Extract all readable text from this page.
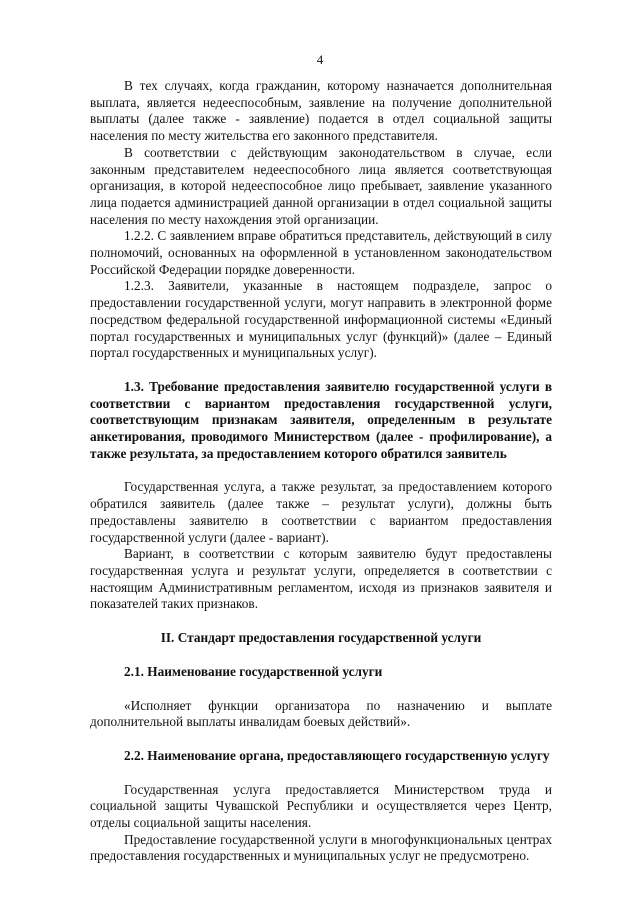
4

В тех случаях, когда гражданин, которому назначается дополнительная выплата, является недееспособным, заявление на получение дополнительной выплаты (далее также - заявление) подается в отдел социальной защиты населения по месту жительства его законного представителя.

В соответствии с действующим законодательством в случае, если законным представителем недееспособного лица является соответствующая организация, в которой недееспособное лицо пребывает, заявление указанного лица подается администрацией данной организации в отдел социальной защиты населения по месту нахождения этой организации.

1.2.2. С заявлением вправе обратиться представитель, действующий в силу полномочий, основанных на оформленной в установленном законодательством Российской Федерации порядке доверенности.

1.2.3. Заявители, указанные в настоящем подразделе, запрос о предоставлении государственной услуги, могут направить в электронной форме посредством федеральной государственной информационной системы «Единый портал государственных и муниципальных услуг (функций)» (далее – Единый портал государственных и муниципальных услуг).

1.3. Требование предоставления заявителю государственной услуги в соответствии с вариантом предоставления государственной услуги, соответствующим признакам заявителя, определенным в результате анкетирования, проводимого Министерством (далее - профилирование), а также результата, за предоставлением которого обратился заявитель

Государственная услуга, а также результат, за предоставлением которого обратился заявитель (далее также – результат услуги), должны быть предоставлены заявителю в соответствии с вариантом предоставления государственной услуги (далее - вариант).

Вариант, в соответствии с которым заявителю будут предоставлены государственная услуга и результат услуги, определяется в соответствии с настоящим Административным регламентом, исходя из признаков заявителя и показателей таких признаков.

II. Стандарт предоставления государственной услуги

2.1. Наименование государственной услуги

«Исполняет функции организатора по назначению и выплате дополнительной выплаты инвалидам боевых действий».

2.2. Наименование органа, предоставляющего государственную услугу

Государственная услуга предоставляется Министерством труда и социальной защиты Чувашской Республики и осуществляется через Центр, отделы социальной защиты населения.

Предоставление государственной услуги в многофункциональных центрах предоставления государственных и муниципальных услуг не предусмотрено.
